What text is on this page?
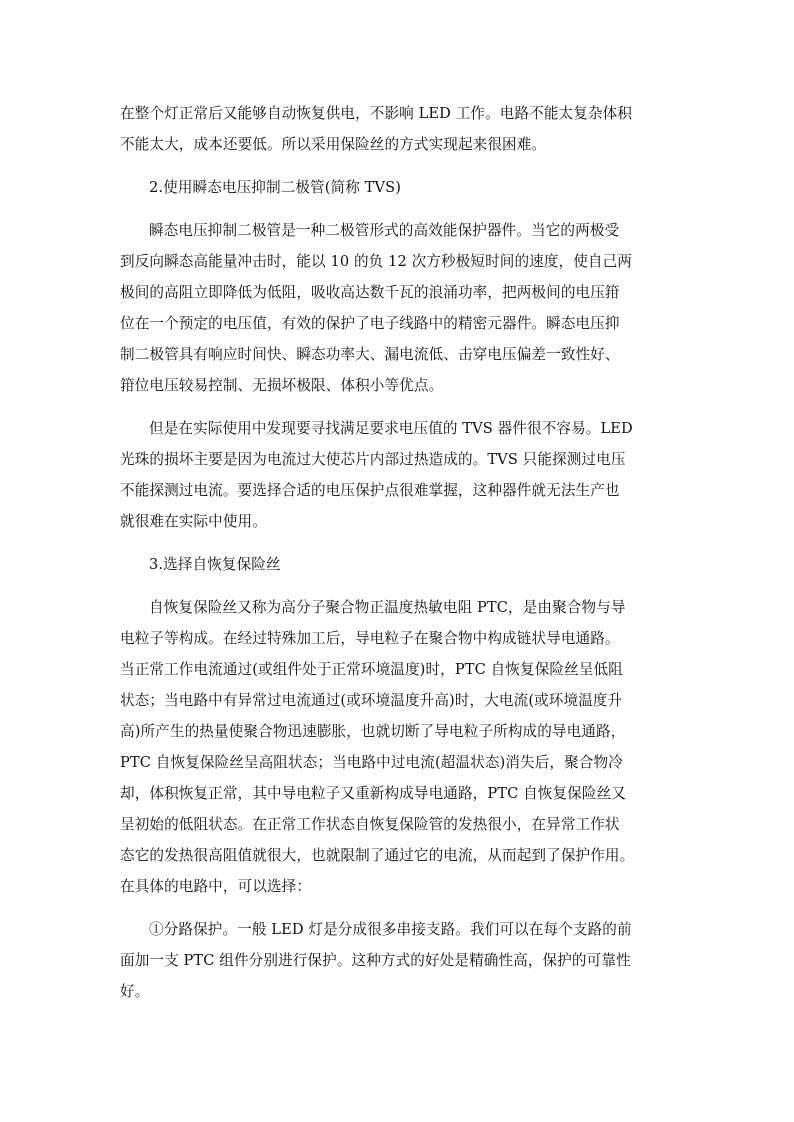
在整个灯正常后又能够自动恢复供电，不影响 LED 工作。电路不能太复杂体积
不能太大，成本还要低。所以采用保险丝的方式实现起来很困难。
2.使用瞬态电压抑制二极管(简称 TVS)
瞬态电压抑制二极管是一种二极管形式的高效能保护器件。当它的两极受
到反向瞬态高能量冲击时，能以 10 的负 12 次方秒极短时间的速度，使自己两
极间的高阻立即降低为低阻，吸收高达数千瓦的浪涌功率，把两极间的电压箝
位在一个预定的电压值，有效的保护了电子线路中的精密元器件。瞬态电压抑
制二极管具有响应时间快、瞬态功率大、漏电流低、击穿电压偏差一致性好、
箝位电压较易控制、无损坏极限、体积小等优点。
但是在实际使用中发现要寻找满足要求电压值的 TVS 器件很不容易。LED
光珠的损坏主要是因为电流过大使芯片内部过热造成的。TVS 只能探测过电压
不能探测过电流。要选择合适的电压保护点很难掌握，这种器件就无法生产也
就很难在实际中使用。
3.选择自恢复保险丝
自恢复保险丝又称为高分子聚合物正温度热敏电阻 PTC，是由聚合物与导
电粒子等构成。在经过特殊加工后，导电粒子在聚合物中构成链状导电通路。
当正常工作电流通过(或组件处于正常环境温度)时，PTC 自恢复保险丝呈低阻
状态；当电路中有异常过电流通过(或环境温度升高)时，大电流(或环境温度升
高)所产生的热量使聚合物迅速膨胀，也就切断了导电粒子所构成的导电通路，
PTC 自恢复保险丝呈高阻状态；当电路中过电流(超温状态)消失后，聚合物冷
却，体积恢复正常，其中导电粒子又重新构成导电通路，PTC 自恢复保险丝又
呈初始的低阻状态。在正常工作状态自恢复保险管的发热很小，在异常工作状
态它的发热很高阻值就很大，也就限制了通过它的电流，从而起到了保护作用。
在具体的电路中，可以选择：
①分路保护。一般 LED 灯是分成很多串接支路。我们可以在每个支路的前
面加一支 PTC 组件分别进行保护。这种方式的好处是精确性高，保护的可靠性
好。
